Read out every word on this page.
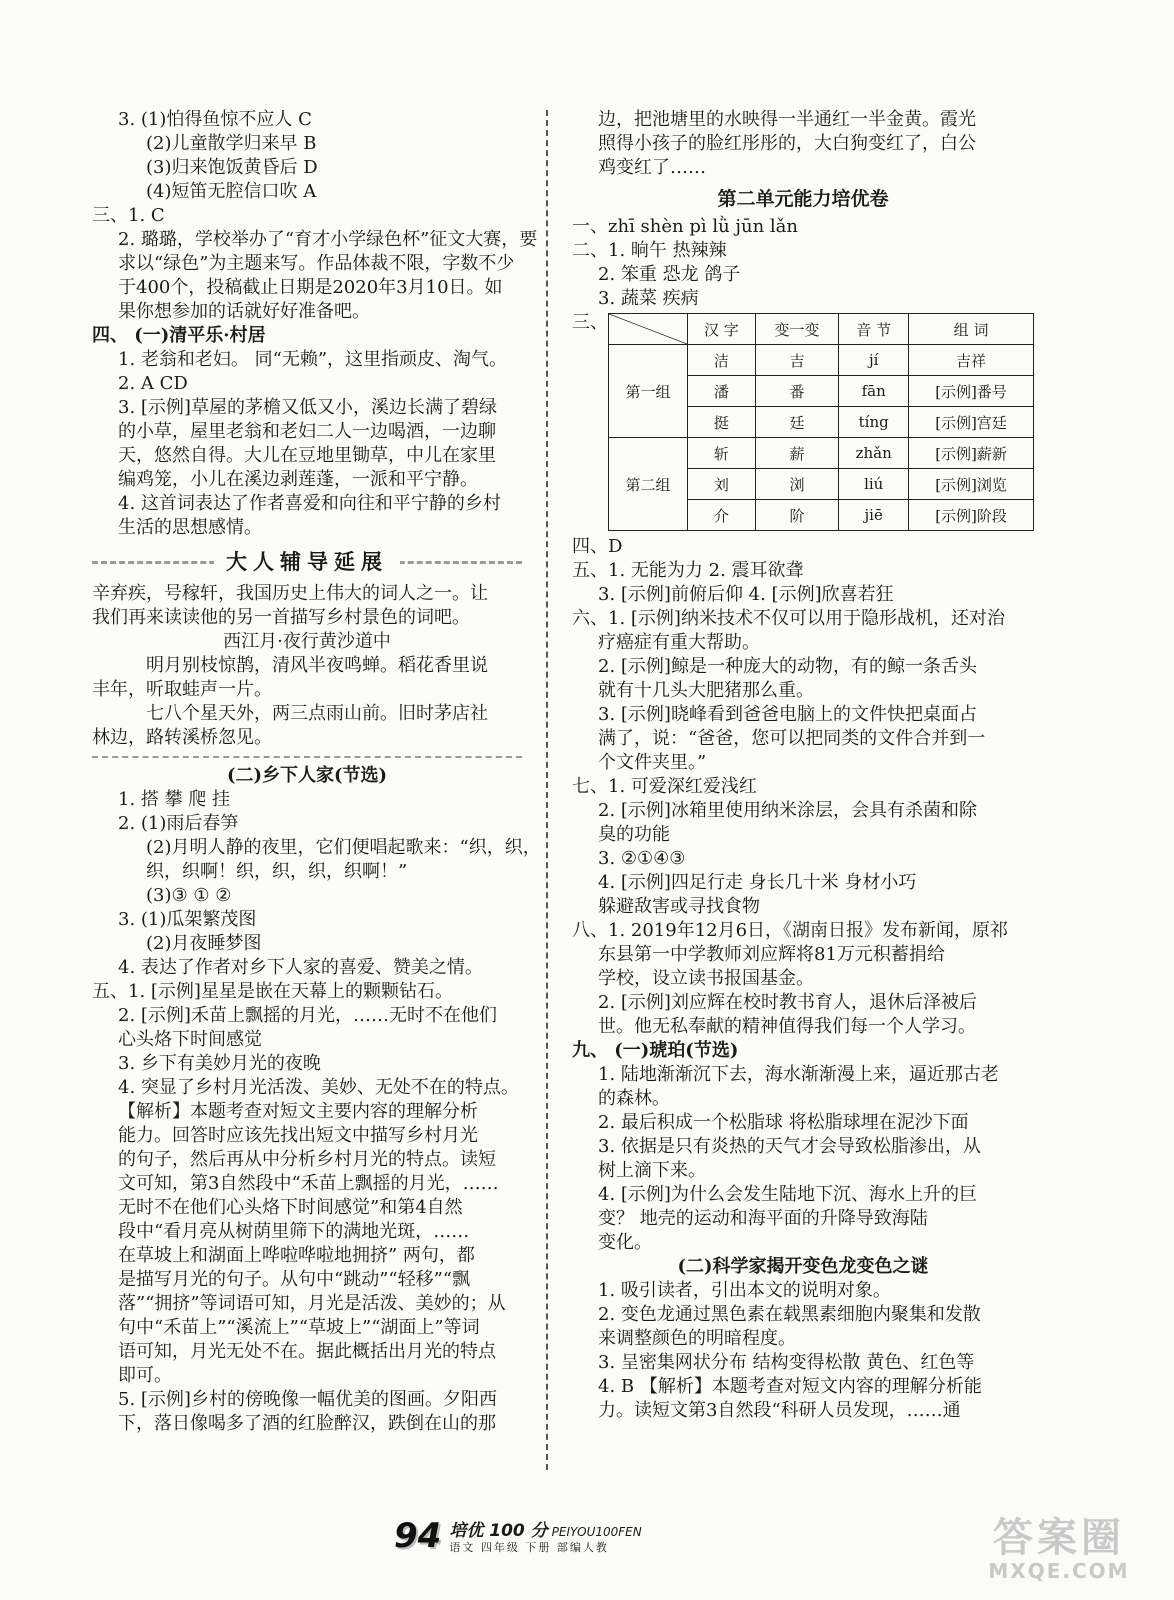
3. (1)怕得鱼惊不应人 C
(2)儿童散学归来早 B
(3)归来饱饭黄昏后 D
(4)短笛无腔信口吹 A
三、1. C
2. 璐璐，学校举办了“育才小学绿色杯”征文大赛，要
求以“绿色”为主题来写。作品体裁不限，字数不少
于400个，投稿截止日期是2020年3月10日。如
果你想参加的话就好好准备吧。
四、 (一)清平乐·村居
1. 老翁和老妇。 同“无赖”，这里指顽皮、淘气。
2. A CD
3. [示例]草屋的茅檐又低又小，溪边长满了碧绿
的小草，屋里老翁和老妇二人一边喝酒，一边聊
天，悠然自得。大儿在豆地里锄草，中儿在家里
编鸡笼，小儿在溪边剥莲蓬，一派和平宁静。
4. 这首词表达了作者喜爱和向往和平宁静的乡村
生活的思想感情。
大人辅导延展
辛弃疾，号稼轩，我国历史上伟大的词人之一。让
我们再来读读他的另一首描写乡村景色的词吧。
西江月·夜行黄沙道中
明月别枝惊鹊，清风半夜鸣蝉。稻花香里说
丰年，听取蛙声一片。
七八个星天外，两三点雨山前。旧时茅店社
林边，路转溪桥忽见。
(二)乡下人家(节选)
1. 搭 攀 爬 挂
2. (1)雨后春笋
(2)月明人静的夜里，它们便唱起歌来：“织，织，
织，织啊！织，织，织，织啊！”
(3)③ ① ②
3. (1)瓜架繁茂图
(2)月夜睡梦图
4. 表达了作者对乡下人家的喜爱、赞美之情。
五、1. [示例]星星是嵌在天幕上的颗颗钻石。
2. [示例]禾苗上飘摇的月光，……无时不在他们
心头烙下时间感觉
3. 乡下有美妙月光的夜晚
4. 突显了乡村月光活泼、美妙、无处不在的特点。
【解析】本题考查对短文主要内容的理解分析
能力。回答时应该先找出短文中描写乡村月光
的句子，然后再从中分析乡村月光的特点。读短
文可知，第3自然段中“禾苗上飘摇的月光，……
无时不在他们心头烙下时间感觉”和第4自然
段中“看月亮从树荫里筛下的满地光斑，……
在草坡上和湖面上哗啦哗啦地拥挤” 两句，都
是描写月光的句子。从句中“跳动”“轻移”“飘
落”“拥挤”等词语可知，月光是活泼、美妙的；从
句中“禾苗上”“溪流上”“草坡上”“湖面上”等词
语可知，月光无处不在。据此概括出月光的特点
即可。
5. [示例]乡村的傍晚像一幅优美的图画。夕阳西
下，落日像喝多了酒的红脸醉汉，跌倒在山的那
边，把池塘里的水映得一半通红一半金黄。霞光
照得小孩子的脸红彤彤的，大白狗变红了，白公
鸡变红了……
第二单元能力培优卷
一、zhī shèn pì lǜ jūn lǎn
二、1. 晌午 热辣辣
2. 笨重 恐龙 鸽子
3. 蔬菜 疾病
三、
		汉 字	变一变	音 节	组 词
第一组	洁	吉	jí	吉祥
	潘	番	fān	[示例]番号
	挺	廷	tíng	[示例]宫廷
第二组	斩	薪	zhǎn	[示例]薪新
	刘	浏	liú	[示例]浏览
	介	阶	jiē	[示例]阶段
四、D
五、1. 无能为力 2. 震耳欲聋
3. [示例]前俯后仰 4. [示例]欣喜若狂
六、1. [示例]纳米技术不仅可以用于隐形战机，还对治
疗癌症有重大帮助。
2. [示例]鲸是一种庞大的动物，有的鲸一条舌头
就有十几头大肥猪那么重。
3. [示例]晓峰看到爸爸电脑上的文件快把桌面占
满了，说：“爸爸，您可以把同类的文件合并到一
个文件夹里。”
七、1. 可爱深红爱浅红
2. [示例]冰箱里使用纳米涂层，会具有杀菌和除
臭的功能
3. ②①④③
4. [示例]四足行走 身长几十米 身材小巧
躲避敌害或寻找食物
八、1. 2019年12月6日，《湖南日报》发布新闻，原祁
东县第一中学教师刘应辉将81万元积蓄捐给
学校，设立读书报国基金。
2. [示例]刘应辉在校时教书育人，退休后泽被后
世。他无私奉献的精神值得我们每一个人学习。
九、 (一)琥珀(节选)
1. 陆地渐渐沉下去，海水渐渐漫上来，逼近那古老
的森林。
2. 最后积成一个松脂球 将松脂球埋在泥沙下面
3. 依据是只有炎热的天气才会导致松脂渗出，从
树上滴下来。
4. [示例]为什么会发生陆地下沉、海水上升的巨
变？ 地壳的运动和海平面的升降导致海陆
变化。
(二)科学家揭开变色龙变色之谜
1. 吸引读者，引出本文的说明对象。
2. 变色龙通过黑色素在载黑素细胞内聚集和发散
来调整颜色的明暗程度。
3. 呈密集网状分布 结构变得松散 黄色、红色等
4. B 【解析】本题考查对短文内容的理解分析能
力。读短文第3自然段“科研人员发现，……通
94 培优 100 分 PEIYOU100FEN
语文 四年级 下册 部编人教	答案圈
MXQE.COM
